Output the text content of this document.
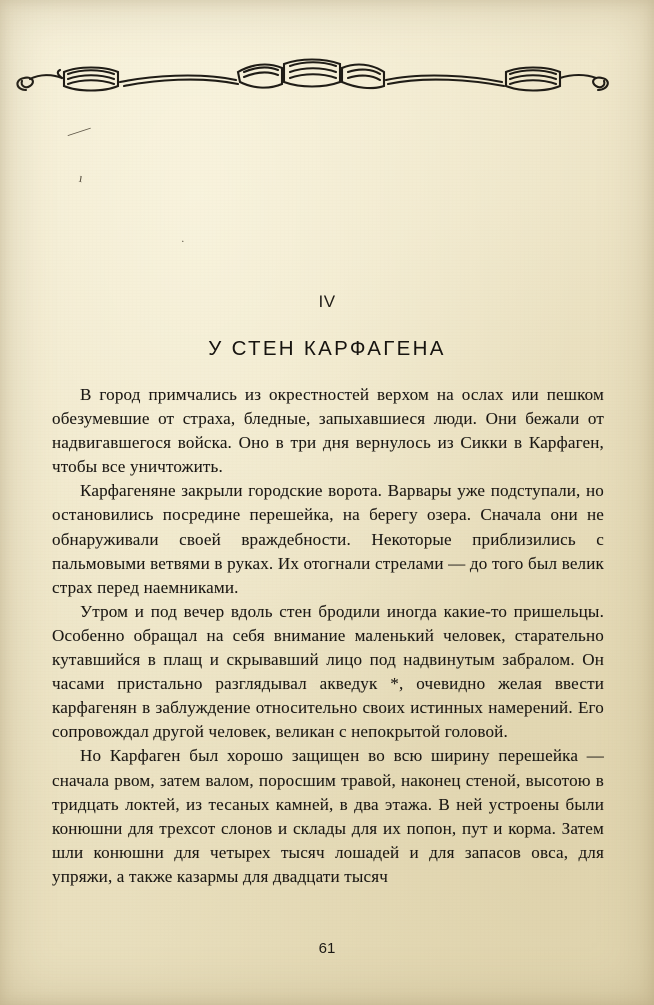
⸺
ı
·
IV
У СТЕН КАРФАГЕНА

В город примчались из окрестностей верхом на ослах или пешком обезумевшие от страха, бледные, запыхавшиеся люди. Они бежали от надвигавшегося войска. Оно в три дня вернулось из Сикки в Карфаген, чтобы все уничтожить.

Карфагеняне закрыли городские ворота. Варвары уже подступали, но остановились посредине перешейка, на берегу озера. Сначала они не обнаруживали своей враждебности. Некоторые приблизились с пальмовыми ветвями в руках. Их отогнали стрелами — до того был велик страх перед наемниками.

Утром и под вечер вдоль стен бродили иногда какие-то пришельцы. Особенно обращал на себя внимание маленький человек, старательно кутавшийся в плащ и скрывавший лицо под надвинутым забралом. Он часами пристально разглядывал акведук *, очевидно желая ввести карфагенян в заблуждение относительно своих истинных намерений. Его сопровождал другой человек, великан с непокрытой головой.

Но Карфаген был хорошо защищен во всю ширину перешейка — сначала рвом, затем валом, поросшим травой, наконец стеной, высотою в тридцать локтей, из тесаных камней, в два этажа. В ней устроены были конюшни для трехсот слонов и склады для их попон, пут и корма. Затем шли конюшни для четырех тысяч лошадей и для запасов овса, для упряжи, а также казармы для двадцати тысяч

61
